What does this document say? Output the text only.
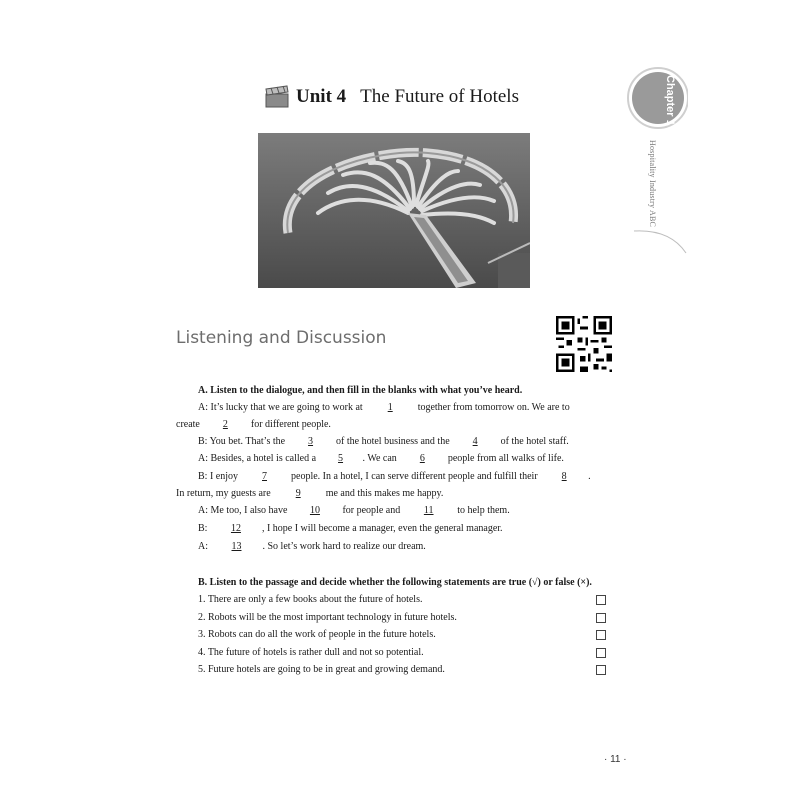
Unit 4 The Future of Hotels	Chapter 1
Hospitality Industry ABC
Listening and Discussion
A. Listen to the dialogue, and then fill in the blanks with what you’ve heard.
A: It’s lucky that we are going to work at 1 together from tomorrow on. We are to
create 2 for different people.
B: You bet. That’s the 3 of the hotel business and the 4 of the hotel staff.
A: Besides, a hotel is called a 5 . We can 6 people from all walks of life.
B: I enjoy 7 people. In a hotel, I can serve different people and fulfill their 8 .
In return, my guests are 9 me and this makes me happy.
A: Me too, I also have 10 for people and 11 to help them.
B: 12 , I hope I will become a manager, even the general manager.
A: 13 . So let’s work hard to realize our dream.
B. Listen to the passage and decide whether the following statements are true (√) or false (×).
1. There are only a few books about the future of hotels.
2. Robots will be the most important technology in future hotels.
3. Robots can do all the work of people in the future hotels.
4. The future of hotels is rather dull and not so potential.
5. Future hotels are going to be in great and growing demand.
· 11 ·
